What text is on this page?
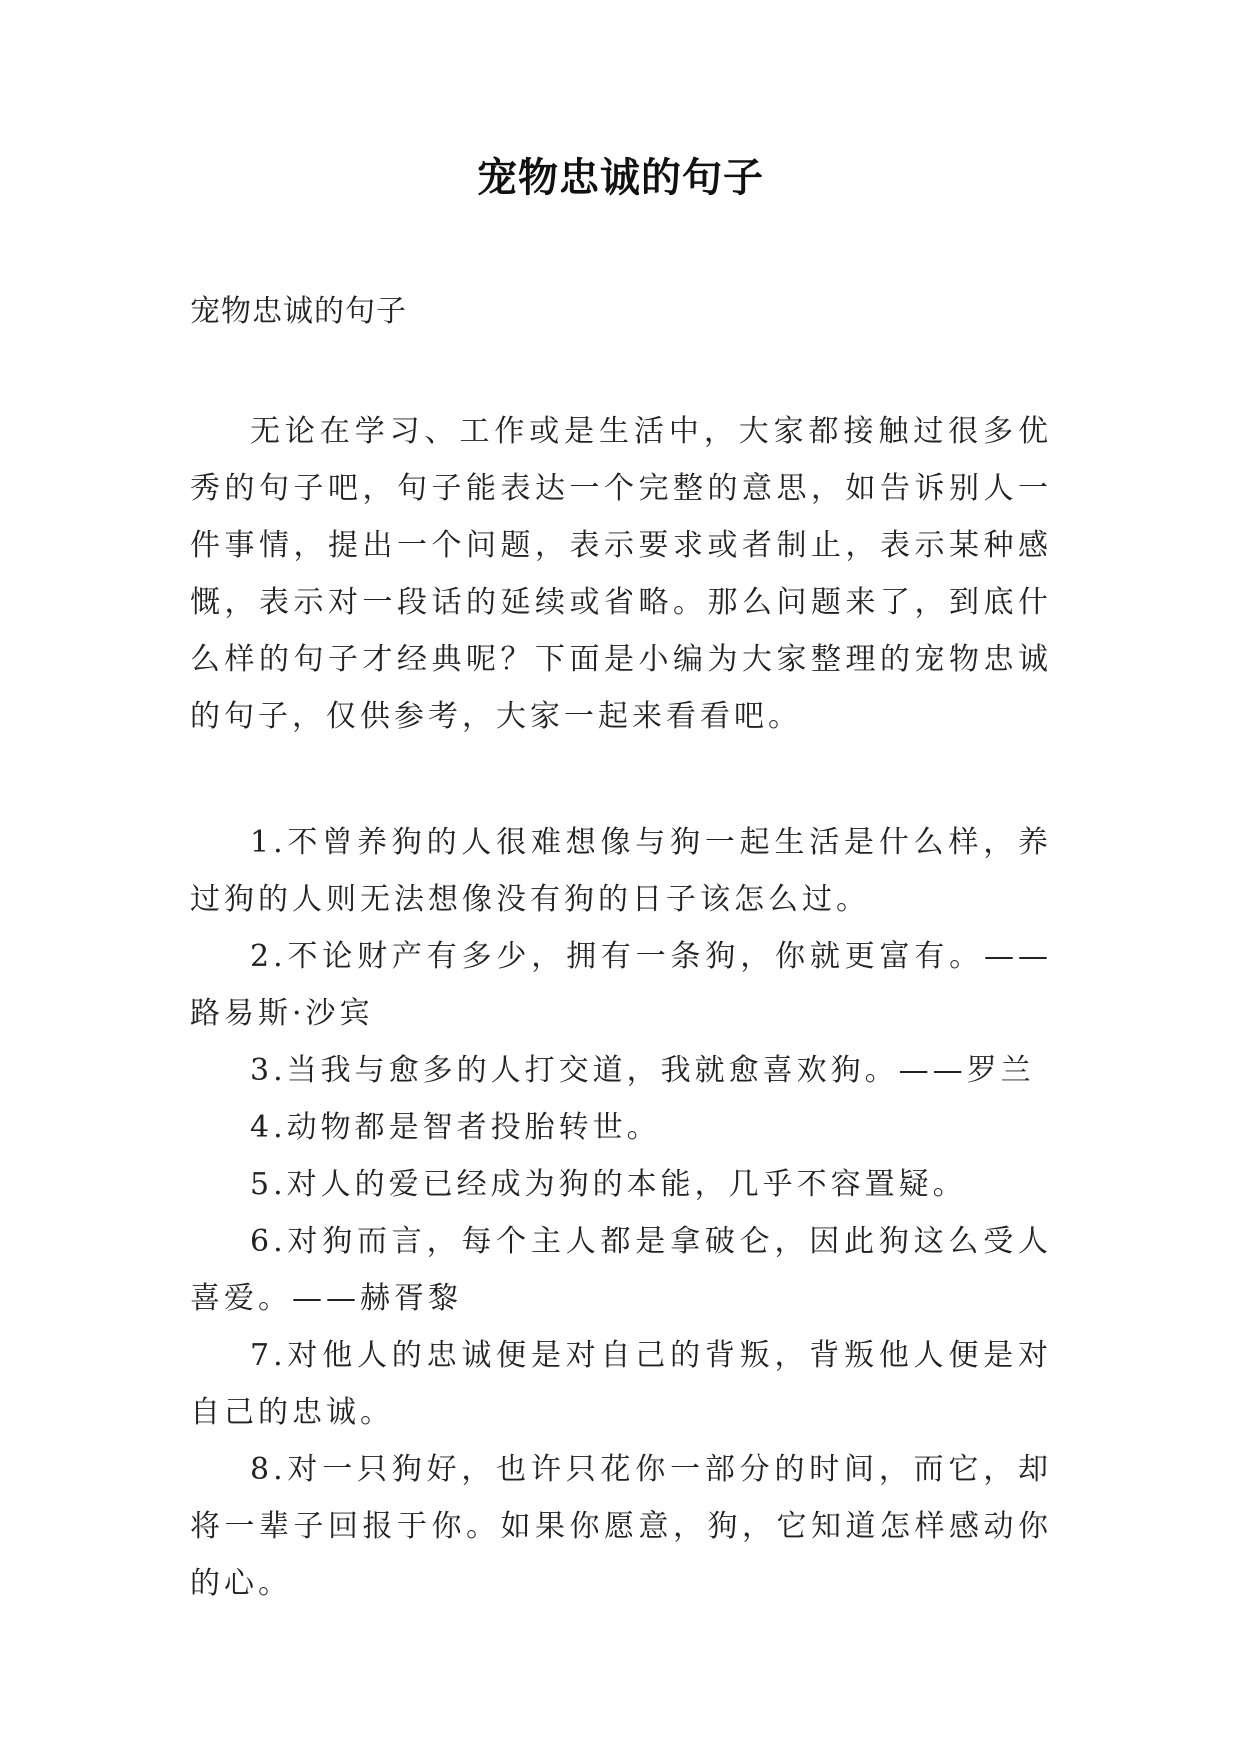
宠物忠诚的句子
宠物忠诚的句子

无论在学习、工作或是生活中，大家都接触过很多优秀的句子吧，句子能表达一个完整的意思，如告诉别人一件事情，提出一个问题，表示要求或者制止，表示某种感慨，表示对一段话的延续或省略。那么问题来了，到底什么样的句子才经典呢？下面是小编为大家整理的宠物忠诚的句子，仅供参考，大家一起来看看吧。

1.不曾养狗的人很难想像与狗一起生活是什么样，养过狗的人则无法想像没有狗的日子该怎么过。

2.不论财产有多少，拥有一条狗，你就更富有。——路易斯·沙宾

3.当我与愈多的人打交道，我就愈喜欢狗。——罗兰

4.动物都是智者投胎转世。

5.对人的爱已经成为狗的本能，几乎不容置疑。

6.对狗而言，每个主人都是拿破仑，因此狗这么受人喜爱。——赫胥黎

7.对他人的忠诚便是对自己的背叛，背叛他人便是对自己的忠诚。

8.对一只狗好，也许只花你一部分的时间，而它，却将一辈子回报于你。如果你愿意，狗，它知道怎样感动你的心。
